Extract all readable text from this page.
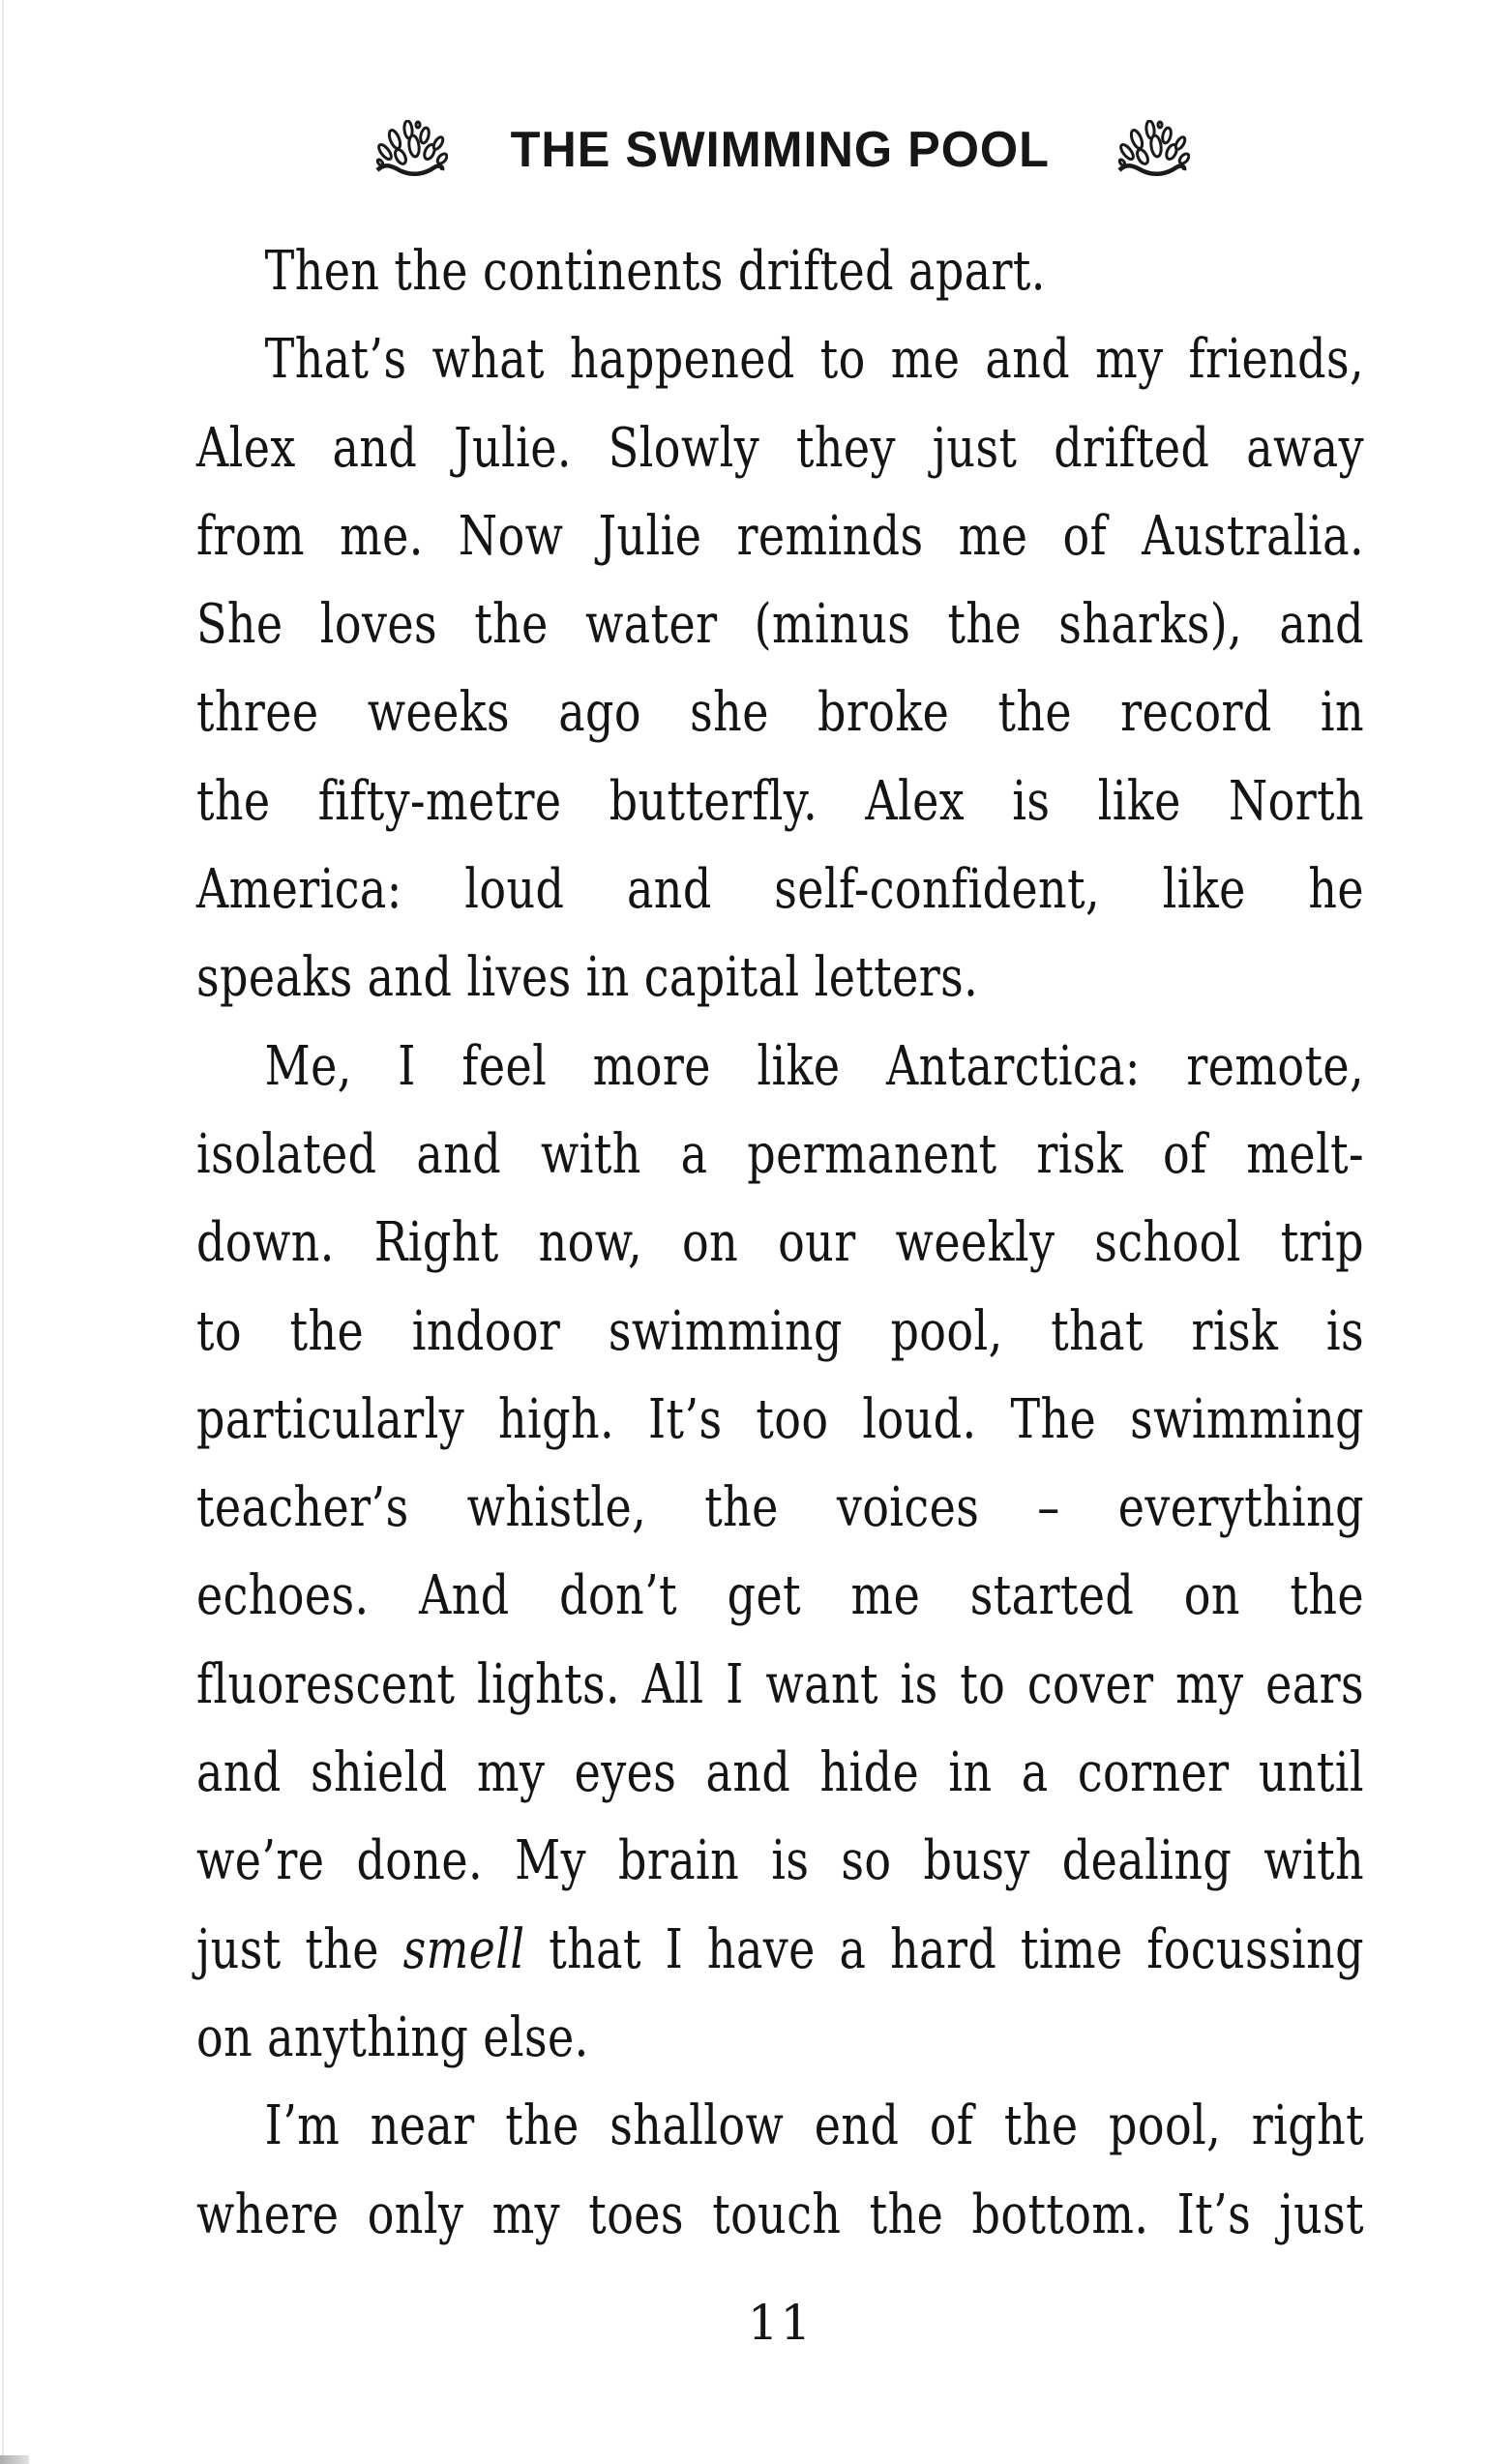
THE SWIMMING POOL
Then the continents drifted apart.
That’s what happened to me and my friends,
Alex and Julie. Slowly they just drifted away
from me. Now Julie reminds me of Australia.
She loves the water (minus the sharks), and
three weeks ago she broke the record in
the fifty-metre butterfly. Alex is like North
America: loud and self-confident, like he
speaks and lives in capital letters.
Me, I feel more like Antarctica: remote,
isolated and with a permanent risk of melt-
down. Right now, on our weekly school trip
to the indoor swimming pool, that risk is
particularly high. It’s too loud. The swimming
teacher’s whistle, the voices – everything
echoes. And don’t get me started on the
fluorescent lights. All I want is to cover my ears
and shield my eyes and hide in a corner until
we’re done. My brain is so busy dealing with
just the smell that I have a hard time focussing
on anything else.
I’m near the shallow end of the pool, right
where only my toes touch the bottom. It’s just
11
